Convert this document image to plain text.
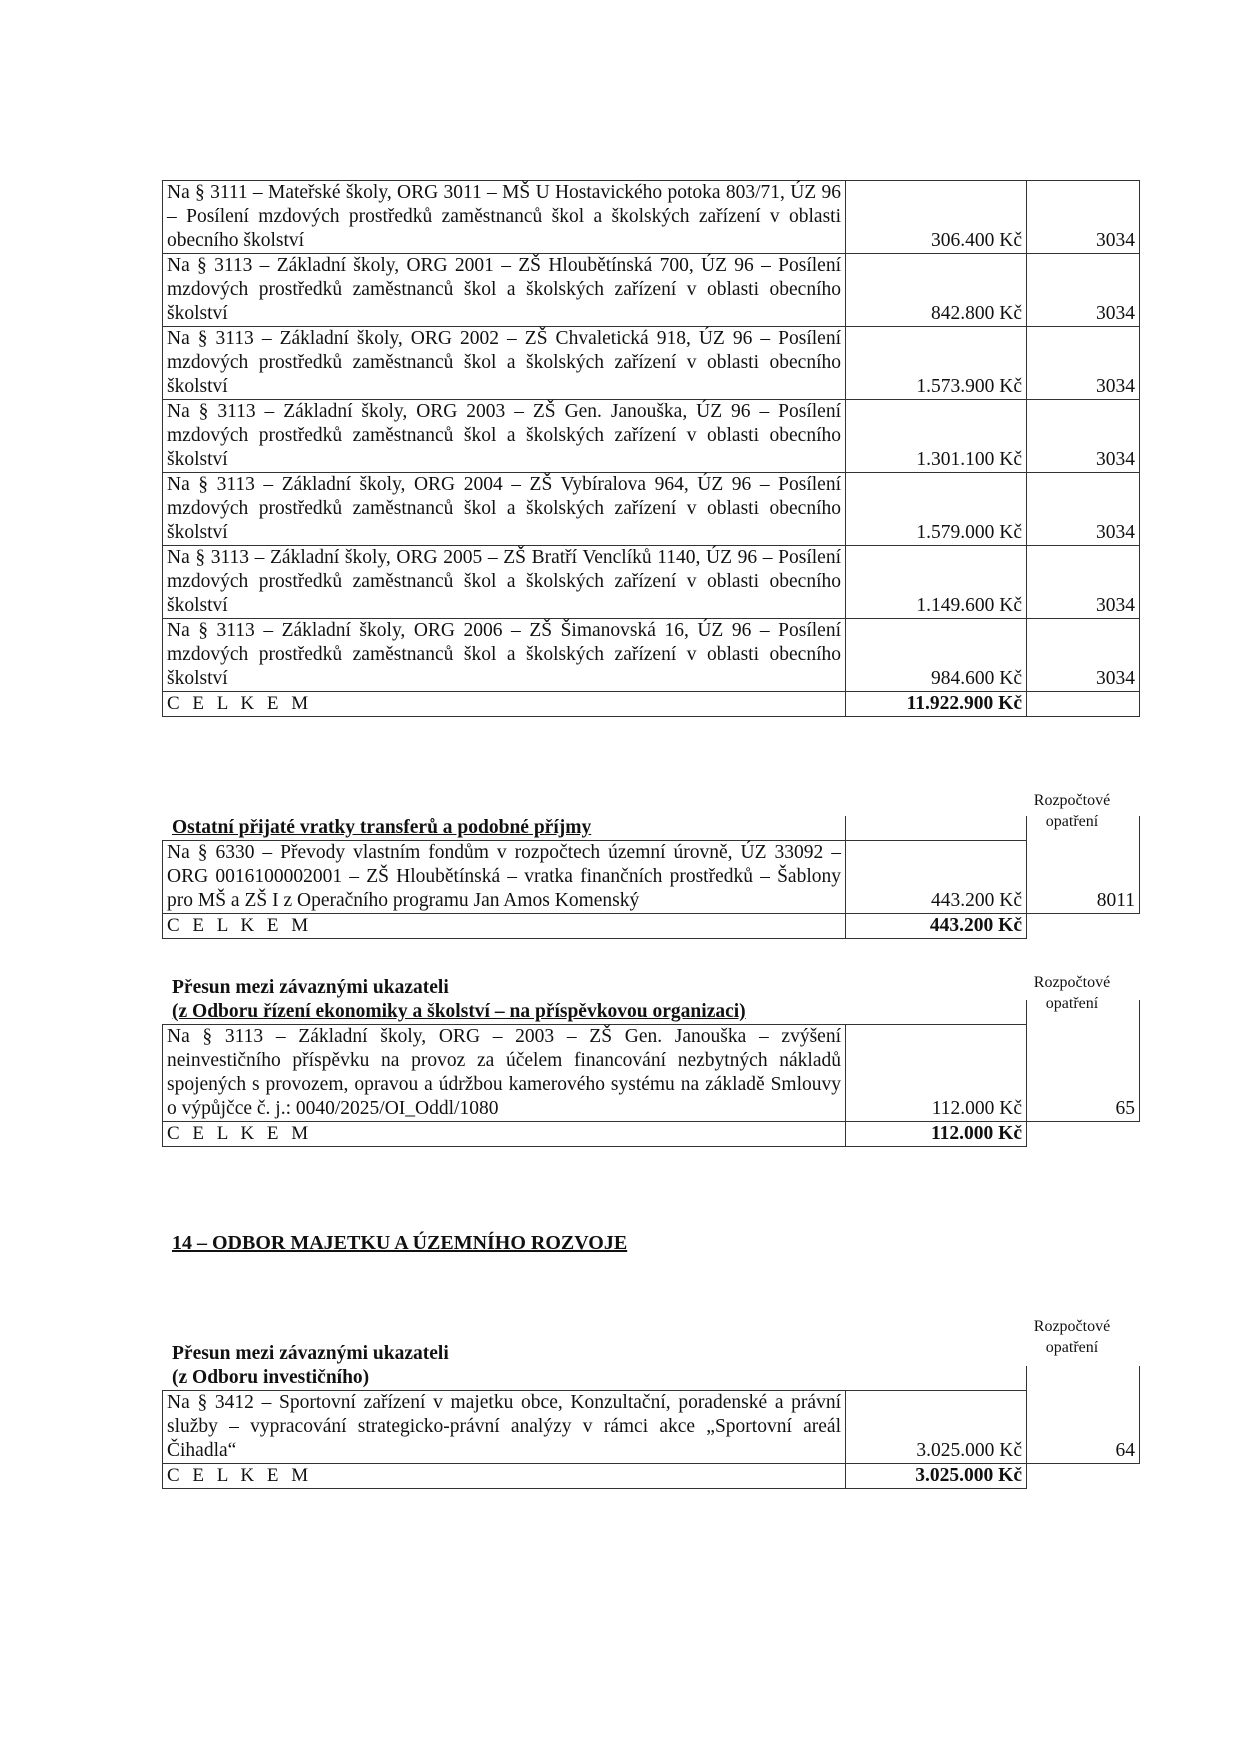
Na § 3111 – Mateřské školy, ORG 3011 – MŠ U Hostavického potoka 803/71, ÚZ 96 – Posílení mzdových prostředků zaměstnanců škol a školských zařízení v oblasti obecního školství	306.400 Kč	3034
Na § 3113 – Základní školy, ORG 2001 – ZŠ Hloubětínská 700, ÚZ 96 – Posílení mzdových prostředků zaměstnanců škol a školských zařízení v oblasti obecního školství	842.800 Kč	3034
Na § 3113 – Základní školy, ORG 2002 – ZŠ Chvaletická 918, ÚZ 96 – Posílení mzdových prostředků zaměstnanců škol a školských zařízení v oblasti obecního školství	1.573.900 Kč	3034
Na § 3113 – Základní školy, ORG 2003 – ZŠ Gen. Janouška, ÚZ 96 – Posílení mzdových prostředků zaměstnanců škol a školských zařízení v oblasti obecního školství	1.301.100 Kč	3034
Na § 3113 – Základní školy, ORG 2004 – ZŠ Vybíralova 964, ÚZ 96 – Posílení mzdových prostředků zaměstnanců škol a školských zařízení v oblasti obecního školství	1.579.000 Kč	3034
Na § 3113 – Základní školy, ORG 2005 – ZŠ Bratří Venclíků 1140, ÚZ 96 – Posílení mzdových prostředků zaměstnanců škol a školských zařízení v oblasti obecního školství	1.149.600 Kč	3034
Na § 3113 – Základní školy, ORG 2006 – ZŠ Šimanovská 16, ÚZ 96 – Posílení mzdových prostředků zaměstnanců škol a školských zařízení v oblasti obecního školství	984.600 Kč	3034
C E L K E M	11.922.900 Kč	
Rozpočtové opatření
Ostatní přijaté vratky transferů a podobné příjmy

Na § 6330 – Převody vlastním fondům v rozpočtech územní úrovně, ÚZ 33092 – ORG 0016100002001 – ZŠ Hloubětínská – vratka finančních prostředků – Šablony pro MŠ a ZŠ I z Operačního programu Jan Amos Komenský	443.200 Kč	8011
C E L K E M	443.200 Kč	
Rozpočtové opatření
Přesun mezi závaznými ukazateli
(z Odboru řízení ekonomiky a školství – na příspěvkovou organizaci)

Na § 3113 – Základní školy, ORG – 2003 – ZŠ Gen. Janouška – zvýšení neinvestičního příspěvku na provoz za účelem financování nezbytných nákladů spojených s provozem, opravou a údržbou kamerového systému na základě Smlouvy o výpůjčce č. j.: 0040/2025/OI_Oddl/1080	112.000 Kč	65
C E L K E M	112.000 Kč	
14 – ODBOR MAJETKU A ÚZEMNÍHO ROZVOJE
Rozpočtové opatření
Přesun mezi závaznými ukazateli
(z Odboru investičního)

Na § 3412 – Sportovní zařízení v majetku obce, Konzultační, poradenské a právní služby – vypracování strategicko-právní analýzy v rámci akce „Sportovní areál Čihadla“	3.025.000 Kč	64
C E L K E M	3.025.000 Kč	
